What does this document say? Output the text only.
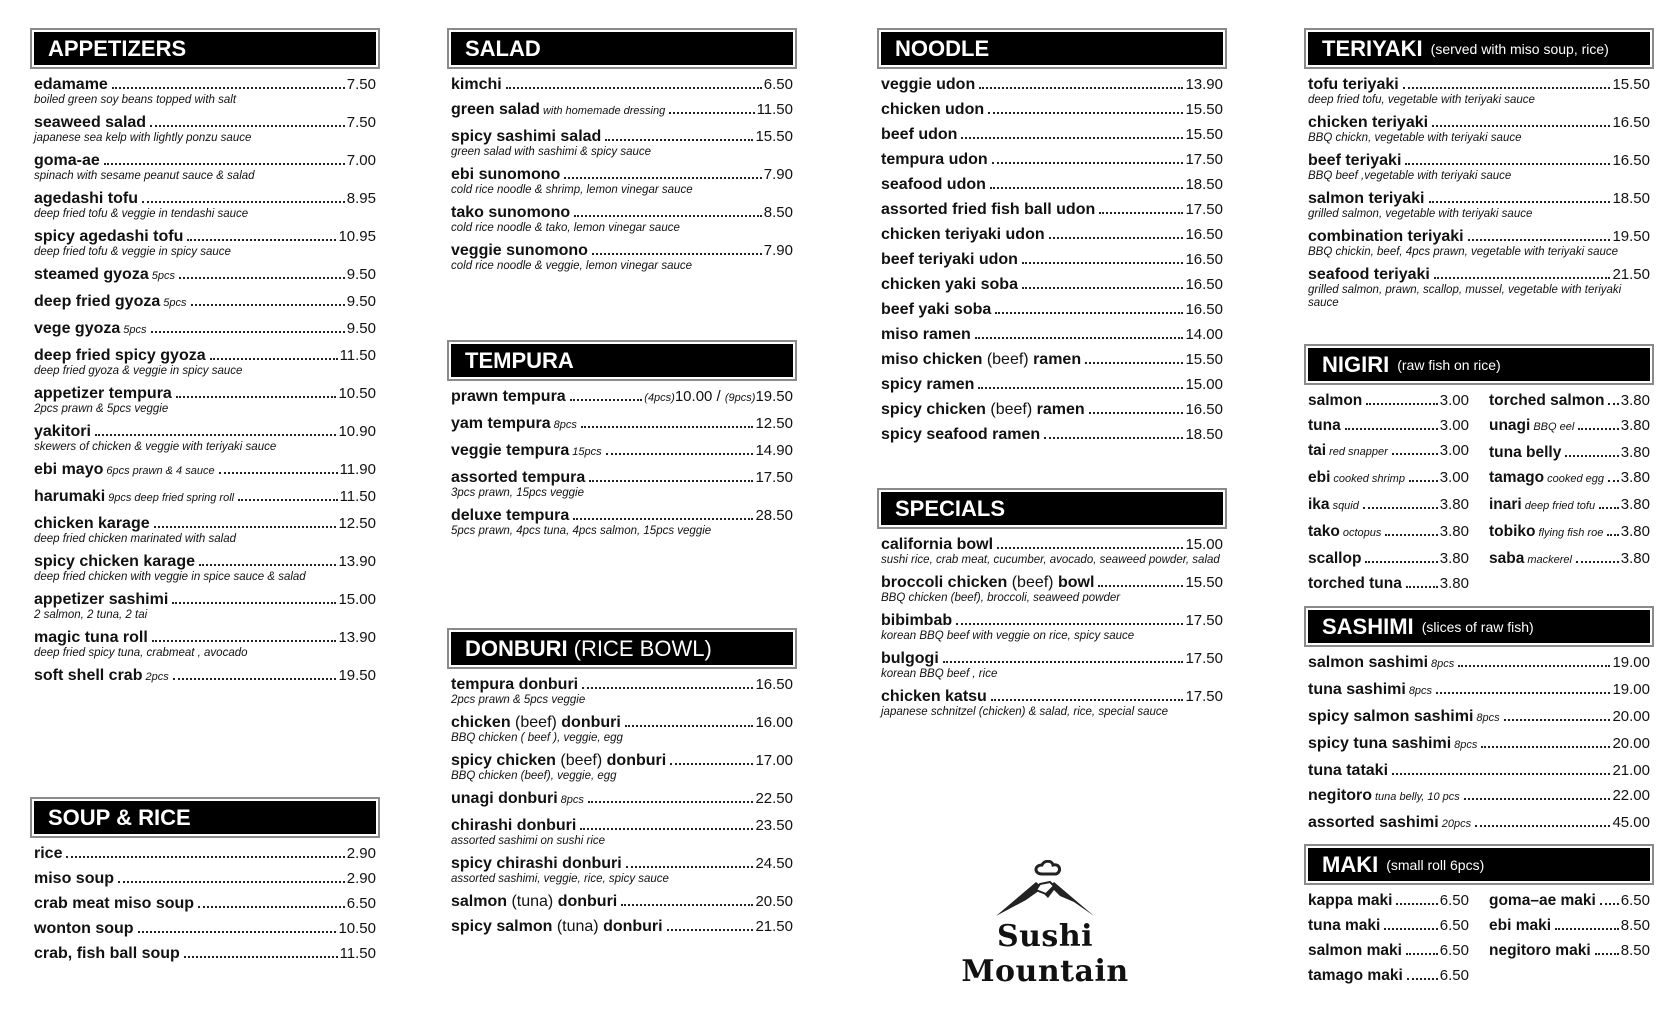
APPETIZERS
edamame	7.50
boiled green soy beans topped with salt
seaweed salad	7.50
japanese sea kelp with lightly ponzu sauce
goma-ae	7.00
spinach with sesame peanut sauce & salad
agedashi tofu	8.95
deep fried tofu & veggie in tendashi sauce
spicy agedashi tofu	10.95
deep fried tofu & veggie in spicy sauce
steamed gyoza 5pcs	9.50
deep fried gyoza 5pcs	9.50
vege gyoza 5pcs	9.50
deep fried spicy gyoza	11.50
deep fried gyoza & veggie in spicy sauce
appetizer tempura	10.50
2pcs prawn & 5pcs veggie
yakitori	10.90
skewers of chicken & veggie with teriyaki sauce
ebi mayo 6pcs prawn & 4 sauce	11.90
harumaki 9pcs deep fried spring roll	11.50
chicken karage	12.50
deep fried chicken marinated with salad
spicy chicken karage	13.90
deep fried chicken with veggie in spice sauce & salad
appetizer sashimi	15.00
2 salmon, 2 tuna, 2 tai
magic tuna roll	13.90
deep fried spicy tuna, crabmeat , avocado
soft shell crab 2pcs	19.50
SOUP & RICE
rice	2.90
miso soup	2.90
crab meat miso soup	6.50
wonton soup	10.50
crab, fish ball soup	11.50
SALAD
kimchi	6.50
green salad with homemade dressing	11.50
spicy sashimi salad	15.50
green salad with sashimi & spicy sauce
ebi sunomono	7.90
cold rice noodle & shrimp, lemon vinegar sauce
tako sunomono	8.50
cold rice noodle & tako, lemon vinegar sauce
veggie sunomono	7.90
cold rice noodle & veggie, lemon vinegar sauce
TEMPURA
prawn tempura	(4pcs)10.00 / (9pcs)19.50
yam tempura 8pcs	12.50
veggie tempura 15pcs	14.90
assorted tempura	17.50
3pcs prawn, 15pcs veggie
deluxe tempura	28.50
5pcs prawn, 4pcs tuna, 4pcs salmon, 15pcs veggie
DONBURI (RICE BOWL)
tempura donburi	16.50
2pcs prawn & 5pcs veggie
chicken (beef) donburi	16.00
BBQ chicken ( beef ), veggie, egg
spicy chicken (beef) donburi	17.00
BBQ chicken (beef), veggie, egg
unagi donburi 8pcs	22.50
chirashi donburi	23.50
assorted sashimi on sushi rice
spicy chirashi donburi	24.50
assorted sashimi, veggie, rice, spicy sauce
salmon (tuna) donburi	20.50
spicy salmon (tuna) donburi	21.50
NOODLE
veggie udon	13.90
chicken udon	15.50
beef udon	15.50
tempura udon	17.50
seafood udon	18.50
assorted fried fish ball udon	17.50
chicken teriyaki udon	16.50
beef teriyaki udon	16.50
chicken yaki soba	16.50
beef yaki soba	16.50
miso ramen	14.00
miso chicken (beef) ramen	15.50
spicy ramen	15.00
spicy chicken (beef) ramen	16.50
spicy seafood ramen	18.50
SPECIALS
california bowl	15.00
sushi rice, crab meat, cucumber, avocado, seaweed powder, salad
broccoli chicken (beef) bowl	15.50
BBQ chicken (beef), broccoli, seaweed powder
bibimbab	17.50
korean BBQ beef with veggie on rice, spicy sauce
bulgogi	17.50
korean BBQ beef , rice
chicken katsu	17.50
japanese schnitzel (chicken) & salad, rice, special sauce
Sushi Mountain
TERIYAKI (served with miso soup, rice)
tofu teriyaki	15.50
deep fried tofu, vegetable with teriyaki sauce
chicken teriyaki	16.50
BBQ chickn, vegetable with teriyaki sauce
beef teriyaki	16.50
BBQ beef ,vegetable with teriyaki sauce
salmon teriyaki	18.50
grilled salmon, vegetable with teriyaki sauce
combination teriyaki	19.50
BBQ chickin, beef, 4pcs prawn, vegetable with teriyaki sauce
seafood teriyaki	21.50
grilled salmon, prawn, scallop, mussel, vegetable with teriyaki sauce
NIGIRI (raw fish on rice)
salmon	3.00
tuna	3.00
tai red snapper	3.00
ebi cooked shrimp 3.00
ika squid	3.80
tako octopus	3.80
scallop	3.80
torched tuna	3.80
torched salmon 3.80
unagi BBQ eel	3.80
tuna belly	3.80
tamago cooked egg 3.80
inari deep fried tofu 3.80
tobiko flying fish roe 3.80
saba mackerel	3.80
SASHIMI (slices of raw fish)
salmon sashimi 8pcs	19.00
tuna sashimi 8pcs	19.00
spicy salmon sashimi 8pcs	20.00
spicy tuna sashimi 8pcs	20.00
tuna tataki	21.00
negitoro tuna belly, 10 pcs	22.00
assorted sashimi 20pcs	45.00
MAKI (small roll 6pcs)
kappa maki	6.50
tuna maki	6.50
salmon maki	6.50
tamago maki 6.50
goma–ae maki 6.50
ebi maki	8.50
negitoro maki 8.50
